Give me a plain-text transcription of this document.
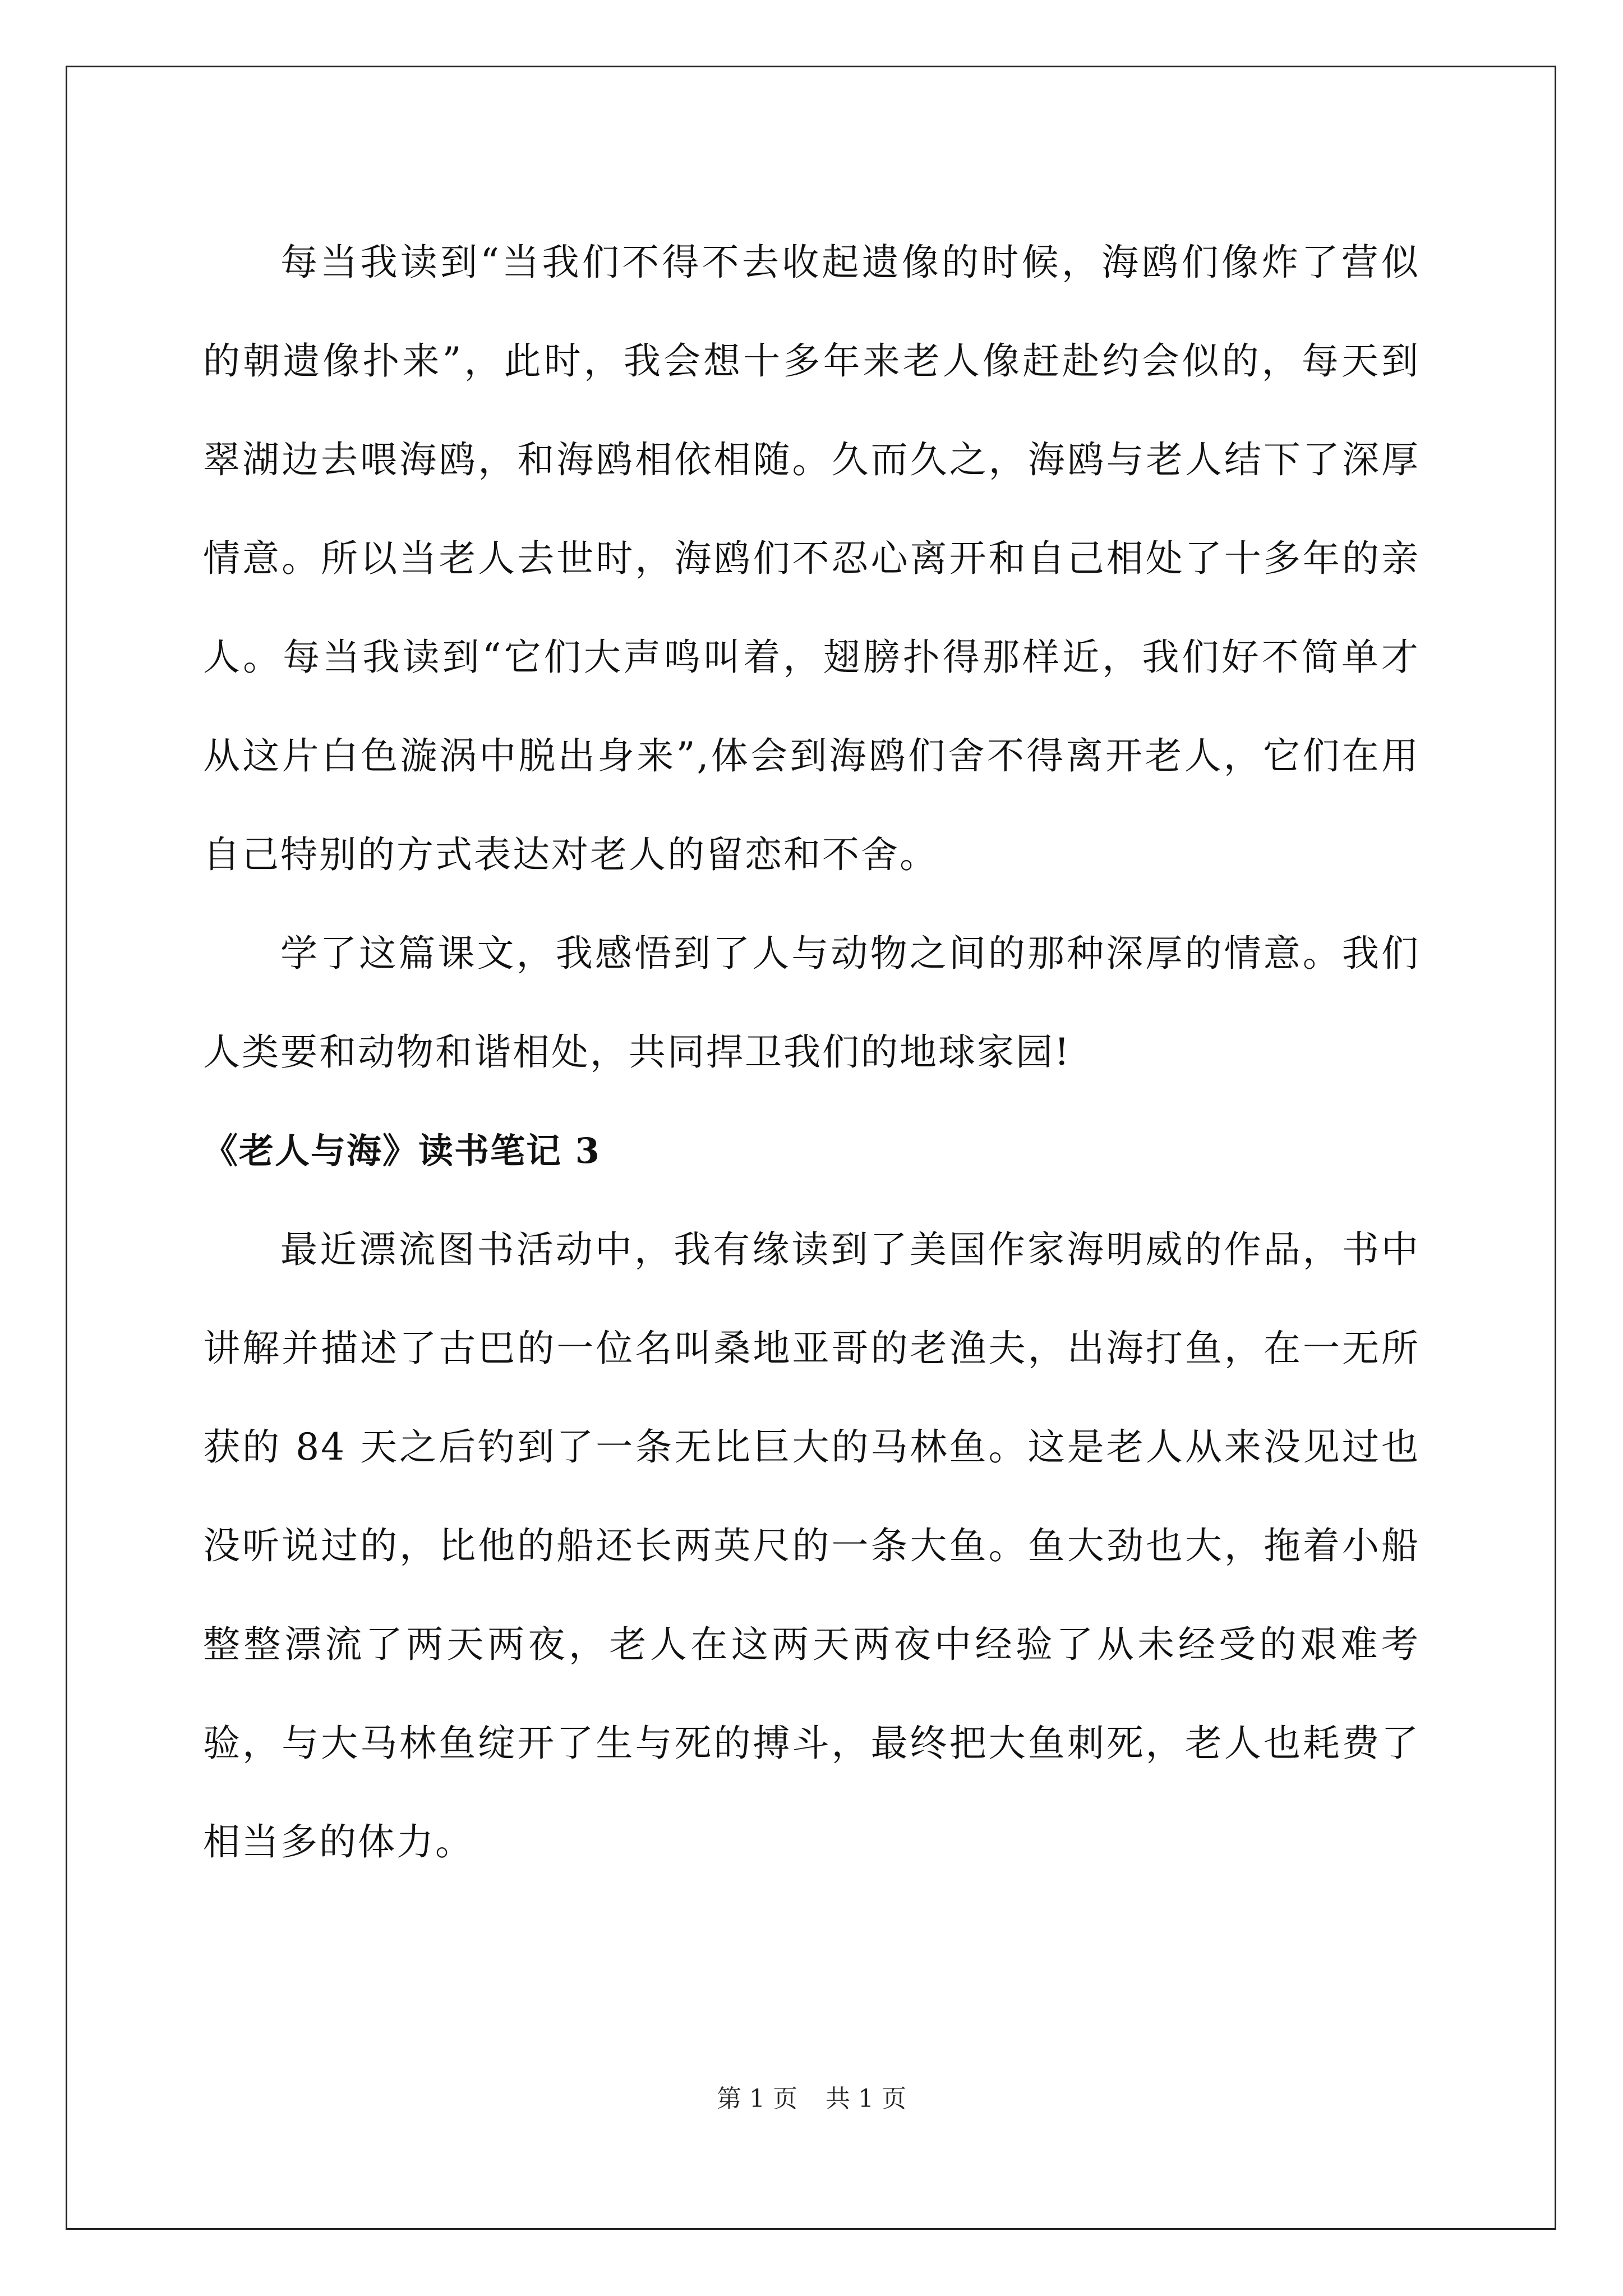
每当我读到“当我们不得不去收起遗像的时候，海鸥们像炸了营似的朝遗像扑来”，此时，我会想十多年来老人像赶赴约会似的，每天到翠湖边去喂海鸥，和海鸥相依相随。久而久之，海鸥与老人结下了深厚情意。所以当老人去世时，海鸥们不忍心离开和自己相处了十多年的亲人。每当我读到“它们大声鸣叫着，翅膀扑得那样近，我们好不简单才从这片白色漩涡中脱出身来”,体会到海鸥们舍不得离开老人，它们在用自己特别的方式表达对老人的留恋和不舍。

学了这篇课文，我感悟到了人与动物之间的那种深厚的情意。我们人类要和动物和谐相处，共同捍卫我们的地球家园!

《老人与海》读书笔记 3

最近漂流图书活动中，我有缘读到了美国作家海明威的作品，书中讲解并描述了古巴的一位名叫桑地亚哥的老渔夫，出海打鱼，在一无所获的 84 天之后钓到了一条无比巨大的马林鱼。这是老人从来没见过也没听说过的，比他的船还长两英尺的一条大鱼。鱼大劲也大，拖着小船整整漂流了两天两夜，老人在这两天两夜中经验了从未经受的艰难考验，与大马林鱼绽开了生与死的搏斗，最终把大鱼刺死，老人也耗费了相当多的体力。

第 1 页 共 1 页
